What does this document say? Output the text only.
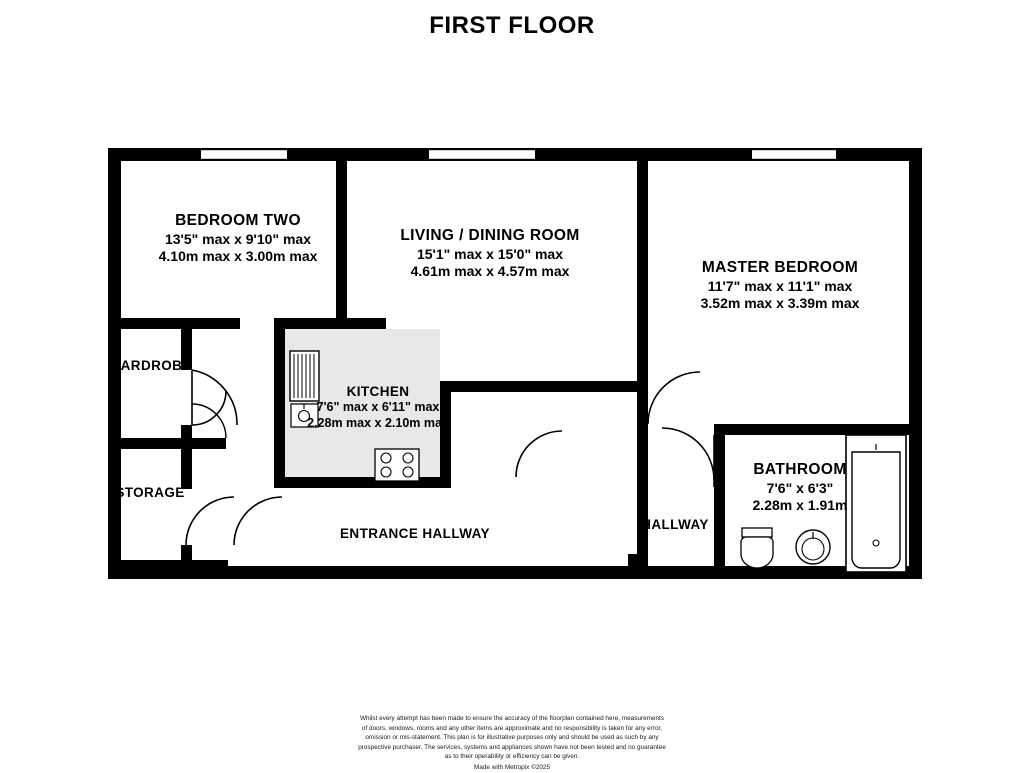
FIRST FLOOR
BEDROOM TWO
13'5" max x 9'10" max
4.10m max x 3.00m max
LIVING / DINING ROOM
15'1" max x 15'0" max
4.61m max x 4.57m max	MASTER BEDROOM
11'7" max x 11'1" max
3.52m max x 3.39m max
BATHROOM
7'6" x 6'3"
2.28m x 1.91m
KITCHEN
7'6" max x 6'11" max
2.28m max x 2.10m max
WARDROBE
STORAGE
ENTRANCE HALLWAY
HALLWAY
Whilst every attempt has been made to ensure the accuracy of the floorplan contained here, measurements
of doors, windows, rooms and any other items are approximate and no responsibility is taken for any error,
omission or mis-statement. This plan is for illustrative purposes only and should be used as such by any
prospective purchaser. The services, systems and appliances shown have not been tested and no guarantee
as to their operability or efficiency can be given.
Made with Metropix ©2025
